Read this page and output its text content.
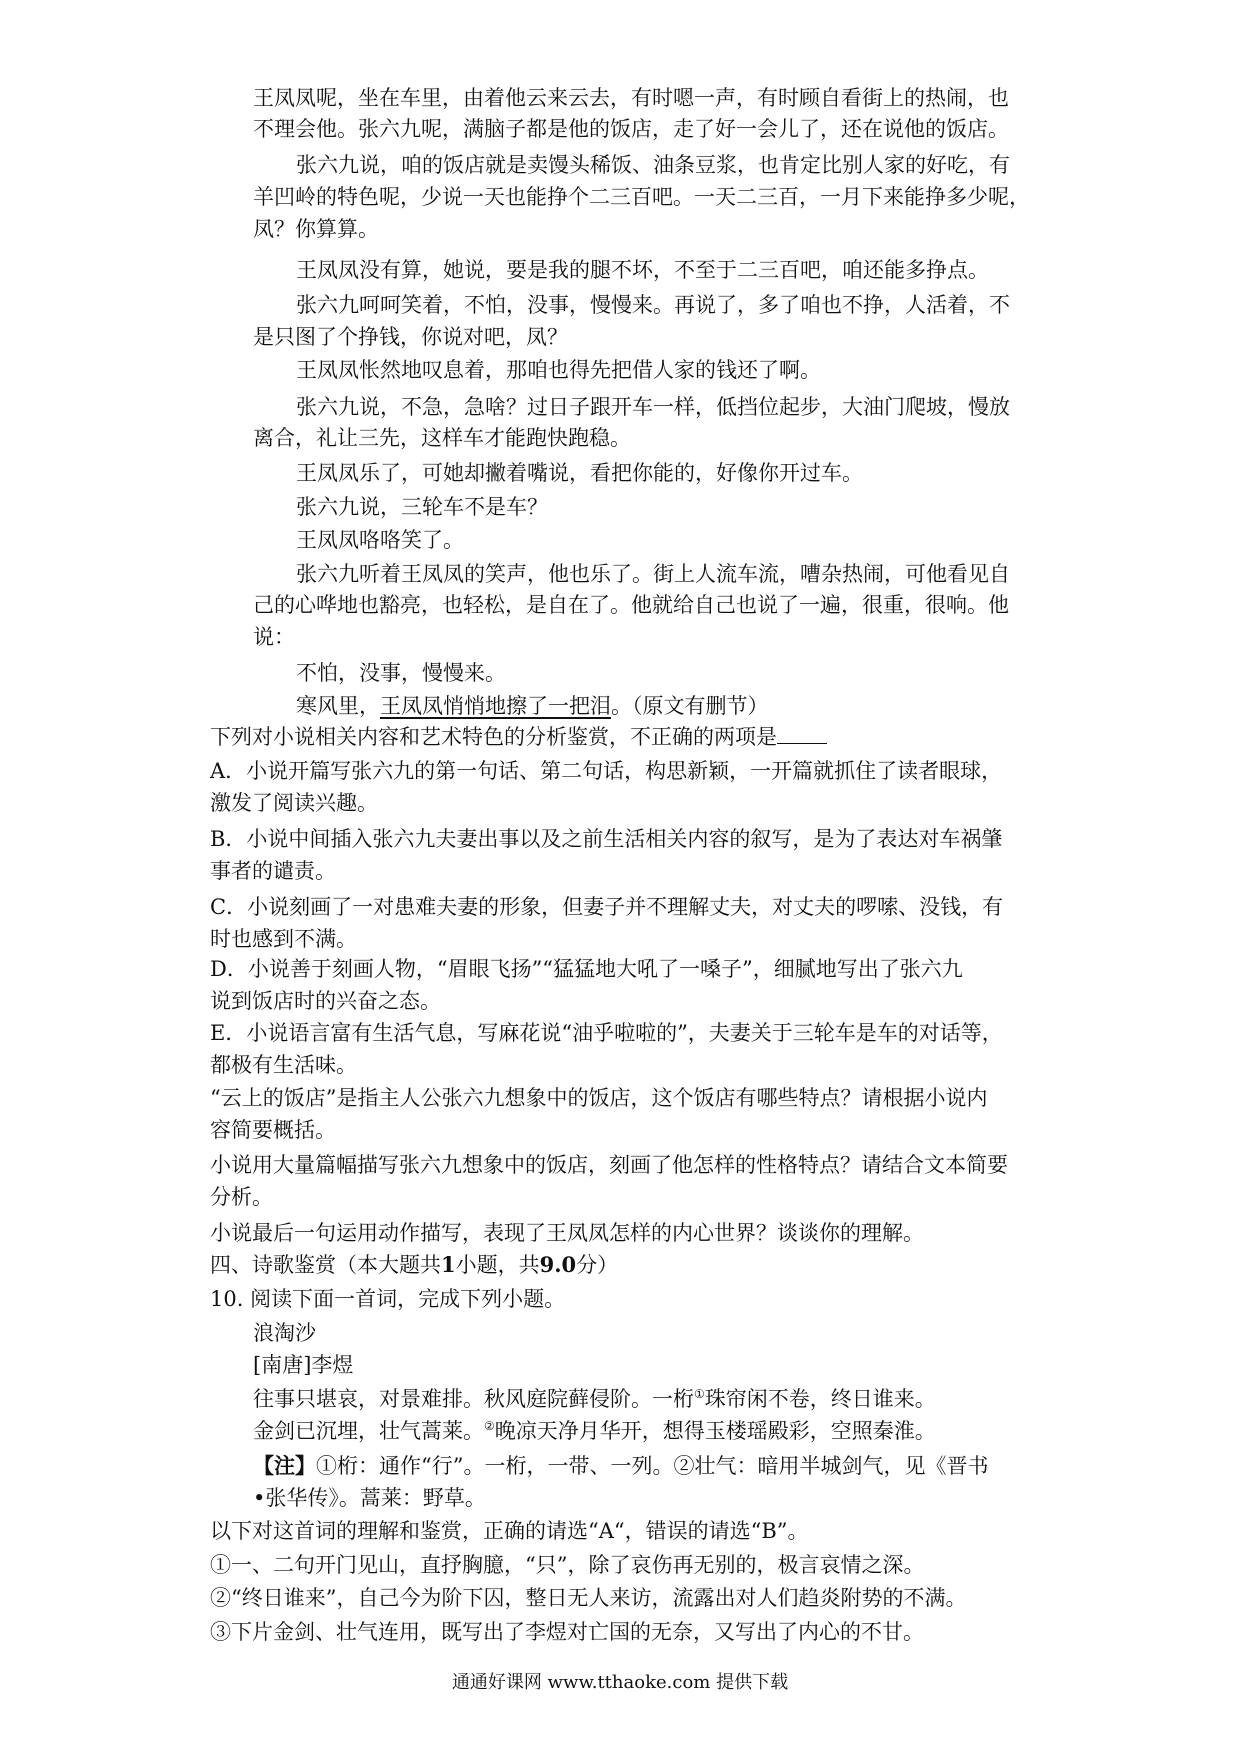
王凤凤呢，坐在车里，由着他云来云去，有时嗯一声，有时顾自看街上的热闹，也
不理会他。张六九呢，满脑子都是他的饭店，走了好一会儿了，还在说他的饭店。
张六九说，咱的饭店就是卖馒头稀饭、油条豆浆，也肯定比别人家的好吃，有
羊凹岭的特色呢，少说一天也能挣个二三百吧。一天二三百，一月下来能挣多少呢，
凤？你算算。
王凤凤没有算，她说，要是我的腿不坏，不至于二三百吧，咱还能多挣点。
张六九呵呵笑着，不怕，没事，慢慢来。再说了，多了咱也不挣，人活着，不
是只图了个挣钱，你说对吧，凤？
王凤凤怅然地叹息着，那咱也得先把借人家的钱还了啊。
张六九说，不急，急啥？过日子跟开车一样，低挡位起步，大油门爬坡，慢放
离合，礼让三先，这样车才能跑快跑稳。
王凤凤乐了，可她却撇着嘴说，看把你能的，好像你开过车。
张六九说，三轮车不是车？
王凤凤咯咯笑了。
张六九听着王凤凤的笑声，他也乐了。街上人流车流，嘈杂热闹，可他看见自
己的心哗地也豁亮，也轻松，是自在了。他就给自己也说了一遍，很重，很响。他
说：
不怕，没事，慢慢来。
寒风里，王凤凤悄悄地擦了一把泪。（原文有删节）
下列对小说相关内容和艺术特色的分析鉴赏，不正确的两项是
A．小说开篇写张六九的第一句话、第二句话，构思新颖，一开篇就抓住了读者眼球，
激发了阅读兴趣。
B．小说中间插入张六九夫妻出事以及之前生活相关内容的叙写，是为了表达对车祸肇
事者的谴责。
C．小说刻画了一对患难夫妻的形象，但妻子并不理解丈夫，对丈夫的啰嗦、没钱，有
时也感到不满。
D．小说善于刻画人物，“眉眼飞扬”“猛猛地大吼了一嗓子”，细腻地写出了张六九
说到饭店时的兴奋之态。
E．小说语言富有生活气息，写麻花说“油乎啦啦的”，夫妻关于三轮车是车的对话等，
都极有生活味。
“云上的饭店”是指主人公张六九想象中的饭店，这个饭店有哪些特点？请根据小说内
容简要概括。
小说用大量篇幅描写张六九想象中的饭店，刻画了他怎样的性格特点？请结合文本简要
分析。
小说最后一句运用动作描写，表现了王凤凤怎样的内心世界？谈谈你的理解。
四、诗歌鉴赏（本大题共1小题，共9.0分）
10. 阅读下面一首词，完成下列小题。
浪淘沙
[南唐]李煜
往事只堪哀，对景难排。秋风庭院藓侵阶。一桁①珠帘闲不卷，终日谁来。
金剑已沉埋，壮气蒿莱。②晚凉天净月华开，想得玉楼瑶殿彩，空照秦淮。
【注】①桁：通作“行”。一桁，一带、一列。②壮气：暗用半城剑气，见《晋书
•张华传》。蒿莱：野草。
以下对这首词的理解和鉴赏，正确的请选“A“，错误的请选“B”。
①一、二句开门见山，直抒胸臆，“只”，除了哀伤再无别的，极言哀情之深。
②“终日谁来”，自己今为阶下囚，整日无人来访，流露出对人们趋炎附势的不满。
③下片金剑、壮气连用，既写出了李煜对亡国的无奈，又写出了内心的不甘。
通通好课网 www.tthaoke.com 提供下载
